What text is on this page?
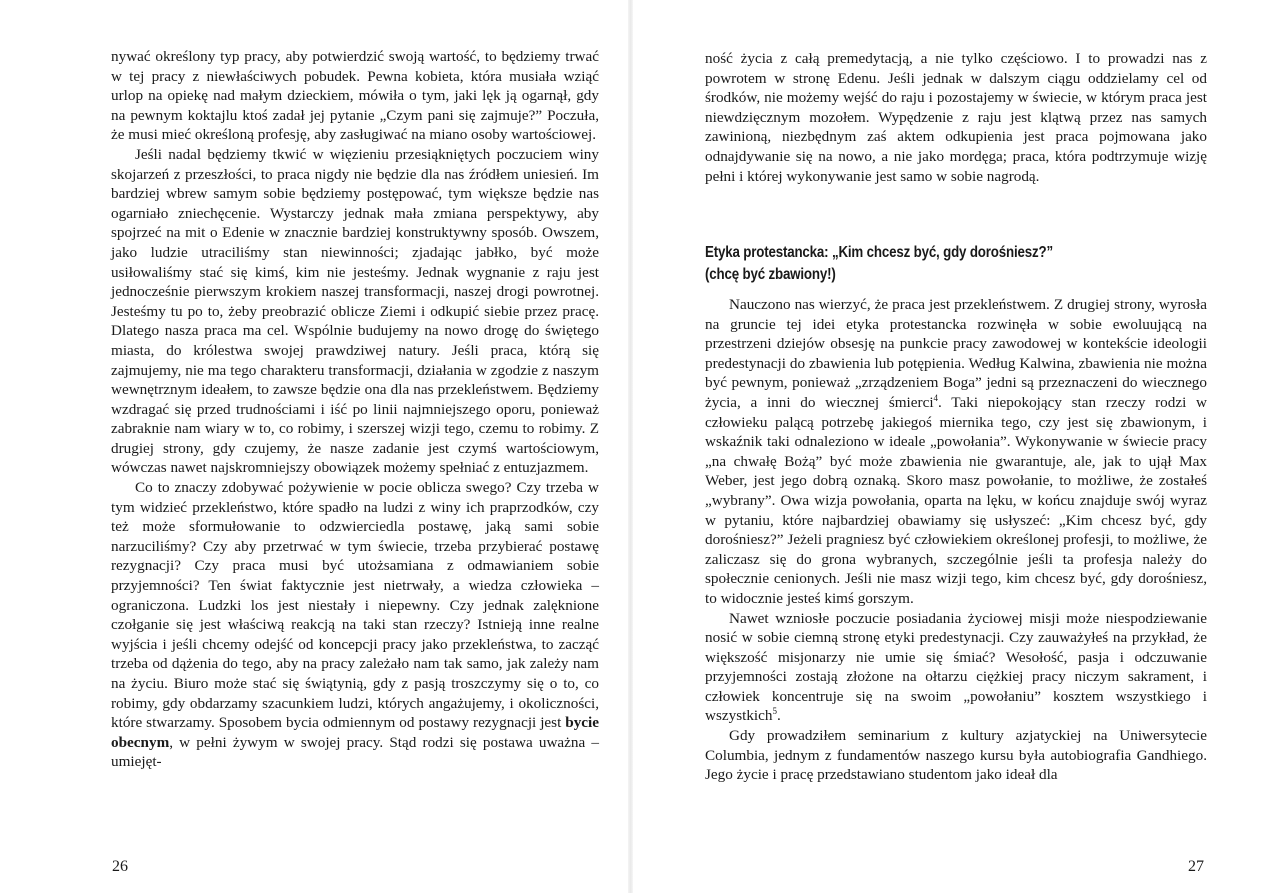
nywać określony typ pracy, aby potwierdzić swoją wartość, to będziemy trwać w tej pracy z niewłaściwych pobudek. Pewna kobieta, która musiała wziąć urlop na opiekę nad małym dzieckiem, mówiła o tym, jaki lęk ją ogarnął, gdy na pewnym koktajlu ktoś zadał jej pytanie „Czym pani się zajmuje?” Poczuła, że musi mieć określoną profesję, aby zasługiwać na miano osoby wartościowej.

Jeśli nadal będziemy tkwić w więzieniu przesiąkniętych poczuciem winy skojarzeń z przeszłości, to praca nigdy nie będzie dla nas źródłem uniesień. Im bardziej wbrew samym sobie będziemy postępować, tym większe będzie nas ogarniało zniechęcenie. Wystarczy jednak mała zmiana perspektywy, aby spojrzeć na mit o Edenie w znacznie bardziej konstruktywny sposób. Owszem, jako ludzie utraciliśmy stan niewinności; zjadając jabłko, być może usiłowaliśmy stać się kimś, kim nie jesteśmy. Jednak wygnanie z raju jest jednocześnie pierwszym krokiem naszej transformacji, naszej drogi powrotnej. Jesteśmy tu po to, żeby preobrazić oblicze Ziemi i odkupić siebie przez pracę. Dlatego nasza praca ma cel. Wspólnie budujemy na nowo drogę do świętego miasta, do królestwa swojej prawdziwej natury. Jeśli praca, którą się zajmujemy, nie ma tego charakteru transformacji, działania w zgodzie z naszym wewnętrznym ideałem, to zawsze będzie ona dla nas przekleństwem. Będziemy wzdragać się przed trudnościami i iść po linii najmniejszego oporu, ponieważ zabraknie nam wiary w to, co robimy, i szerszej wizji tego, czemu to robimy. Z drugiej strony, gdy czujemy, że nasze zadanie jest czymś wartościowym, wówczas nawet najskromniejszy obowiązek możemy spełniać z entuzjazmem.

Co to znaczy zdobywać pożywienie w pocie oblicza swego? Czy trzeba w tym widzieć przekleństwo, które spadło na ludzi z winy ich praprzodków, czy też może sformułowanie to odzwierciedla postawę, jaką sami sobie narzuciliśmy? Czy aby przetrwać w tym świecie, trzeba przybierać postawę rezygnacji? Czy praca musi być utożsamiana z odmawianiem sobie przyjemności? Ten świat faktycznie jest nietrwały, a wiedza człowieka – ograniczona. Ludzki los jest niestały i niepewny. Czy jednak zalęknione czołganie się jest właściwą reakcją na taki stan rzeczy? Istnieją inne realne wyjścia i jeśli chcemy odejść od koncepcji pracy jako przekleństwa, to zacząć trzeba od dążenia do tego, aby na pracy zależało nam tak samo, jak zależy nam na życiu. Biuro może stać się świątynią, gdy z pasją troszczymy się o to, co robimy, gdy obdarzamy szacunkiem ludzi, których angażujemy, i okoliczności, które stwarzamy. Sposobem bycia odmiennym od postawy rezygnacji jest bycie obecnym, w pełni żywym w swojej pracy. Stąd rodzi się postawa uważna – umiejęt-

26

ność życia z całą premedytacją, a nie tylko częściowo. I to prowadzi nas z powrotem w stronę Edenu. Jeśli jednak w dalszym ciągu oddzielamy cel od środków, nie możemy wejść do raju i pozostajemy w świecie, w którym praca jest niewdzięcznym mozołem. Wypędzenie z raju jest klątwą przez nas samych zawinioną, niezbędnym zaś aktem odkupienia jest praca pojmowana jako odnajdywanie się na nowo, a nie jako mordęga; praca, która podtrzymuje wizję pełni i której wykonywanie jest samo w sobie nagrodą.

Etyka protestancka: „Kim chcesz być, gdy dorośniesz?”
(chcę być zbawiony!)

Nauczono nas wierzyć, że praca jest przekleństwem. Z drugiej strony, wyrosła na gruncie tej idei etyka protestancka rozwinęła w sobie ewoluującą na przestrzeni dziejów obsesję na punkcie pracy zawodowej w kontekście ideologii predestynacji do zbawienia lub potępienia. Według Kalwina, zbawienia nie można być pewnym, ponieważ „zrządzeniem Boga” jedni są przeznaczeni do wiecznego życia, a inni do wiecznej śmierci$^4$. Taki niepokojący stan rzeczy rodzi w człowieku palącą potrzebę jakiegoś miernika tego, czy jest się zbawionym, i wskaźnik taki odnaleziono w ideale „powołania”. Wykonywanie w świecie pracy „na chwałę Bożą” być może zbawienia nie gwarantuje, ale, jak to ujął Max Weber, jest jego dobrą oznaką. Skoro masz powołanie, to możliwe, że zostałeś „wybrany”. Owa wizja powołania, oparta na lęku, w końcu znajduje swój wyraz w pytaniu, które najbardziej obawiamy się usłyszeć: „Kim chcesz być, gdy dorośniesz?” Jeżeli pragniesz być człowiekiem określonej profesji, to możliwe, że zaliczasz się do grona wybranych, szczególnie jeśli ta profesja należy do społecznie cenionych. Jeśli nie masz wizji tego, kim chcesz być, gdy dorośniesz, to widocznie jesteś kimś gorszym.

Nawet wzniosłe poczucie posiadania życiowej misji może niespodziewanie nosić w sobie ciemną stronę etyki predestynacji. Czy zauważyłeś na przykład, że większość misjonarzy nie umie się śmiać? Wesołość, pasja i odczuwanie przyjemności zostają złożone na ołtarzu ciężkiej pracy niczym sakrament, i człowiek koncentruje się na swoim „powołaniu” kosztem wszystkiego i wszystkich$^5$.

Gdy prowadziłem seminarium z kultury azjatyckiej na Uniwersytecie Columbia, jednym z fundamentów naszego kursu była autobiografia Gandhiego. Jego życie i pracę przedstawiano studentom jako ideał dla

27
